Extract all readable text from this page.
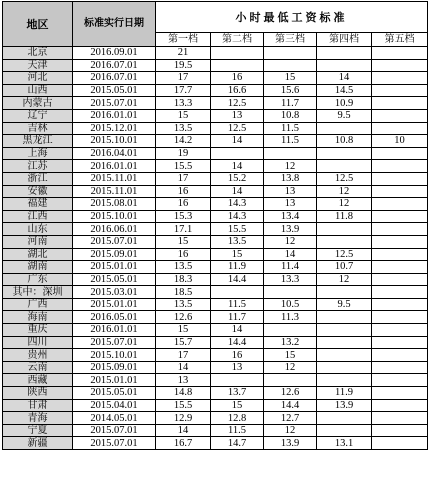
地区	标准实行日期	小时最低工资标准				
		第一档	第二档	第三档	第四档	第五档
北京	2016.09.01	21				
天津	2016.07.01	19.5				
河北	2016.07.01	17	16	15	14	
山西	2015.05.01	17.7	16.6	15.6	14.5	
内蒙古	2015.07.01	13.3	12.5	11.7	10.9	
辽宁	2016.01.01	15	13	10.8	9.5	
吉林	2015.12.01	13.5	12.5	11.5		
黑龙江	2015.10.01	14.2	14	11.5	10.8	10
上海	2016.04.01	19				
江苏	2016.01.01	15.5	14	12		
浙江	2015.11.01	17	15.2	13.8	12.5	
安徽	2015.11.01	16	14	13	12	
福建	2015.08.01	16	14.3	13	12	
江西	2015.10.01	15.3	14.3	13.4	11.8	
山东	2016.06.01	17.1	15.5	13.9		
河南	2015.07.01	15	13.5	12		
湖北	2015.09.01	16	15	14	12.5	
湖南	2015.01.01	13.5	11.9	11.4	10.7	
广东	2015.05.01	18.3	14.4	13.3	12	
其中：深圳	2015.03.01	18.5				
广西	2015.01.01	13.5	11.5	10.5	9.5	
海南	2016.05.01	12.6	11.7	11.3		
重庆	2016.01.01	15	14			
四川	2015.07.01	15.7	14.4	13.2		
贵州	2015.10.01	17	16	15		
云南	2015.09.01	14	13	12		
西藏	2015.01.01	13				
陕西	2015.05.01	14.8	13.7	12.6	11.9	
甘肃	2015.04.01	15.5	15	14.4	13.9	
青海	2014.05.01	12.9	12.8	12.7		
宁夏	2015.07.01	14	11.5	12		
新疆	2015.07.01	16.7	14.7	13.9	13.1	
